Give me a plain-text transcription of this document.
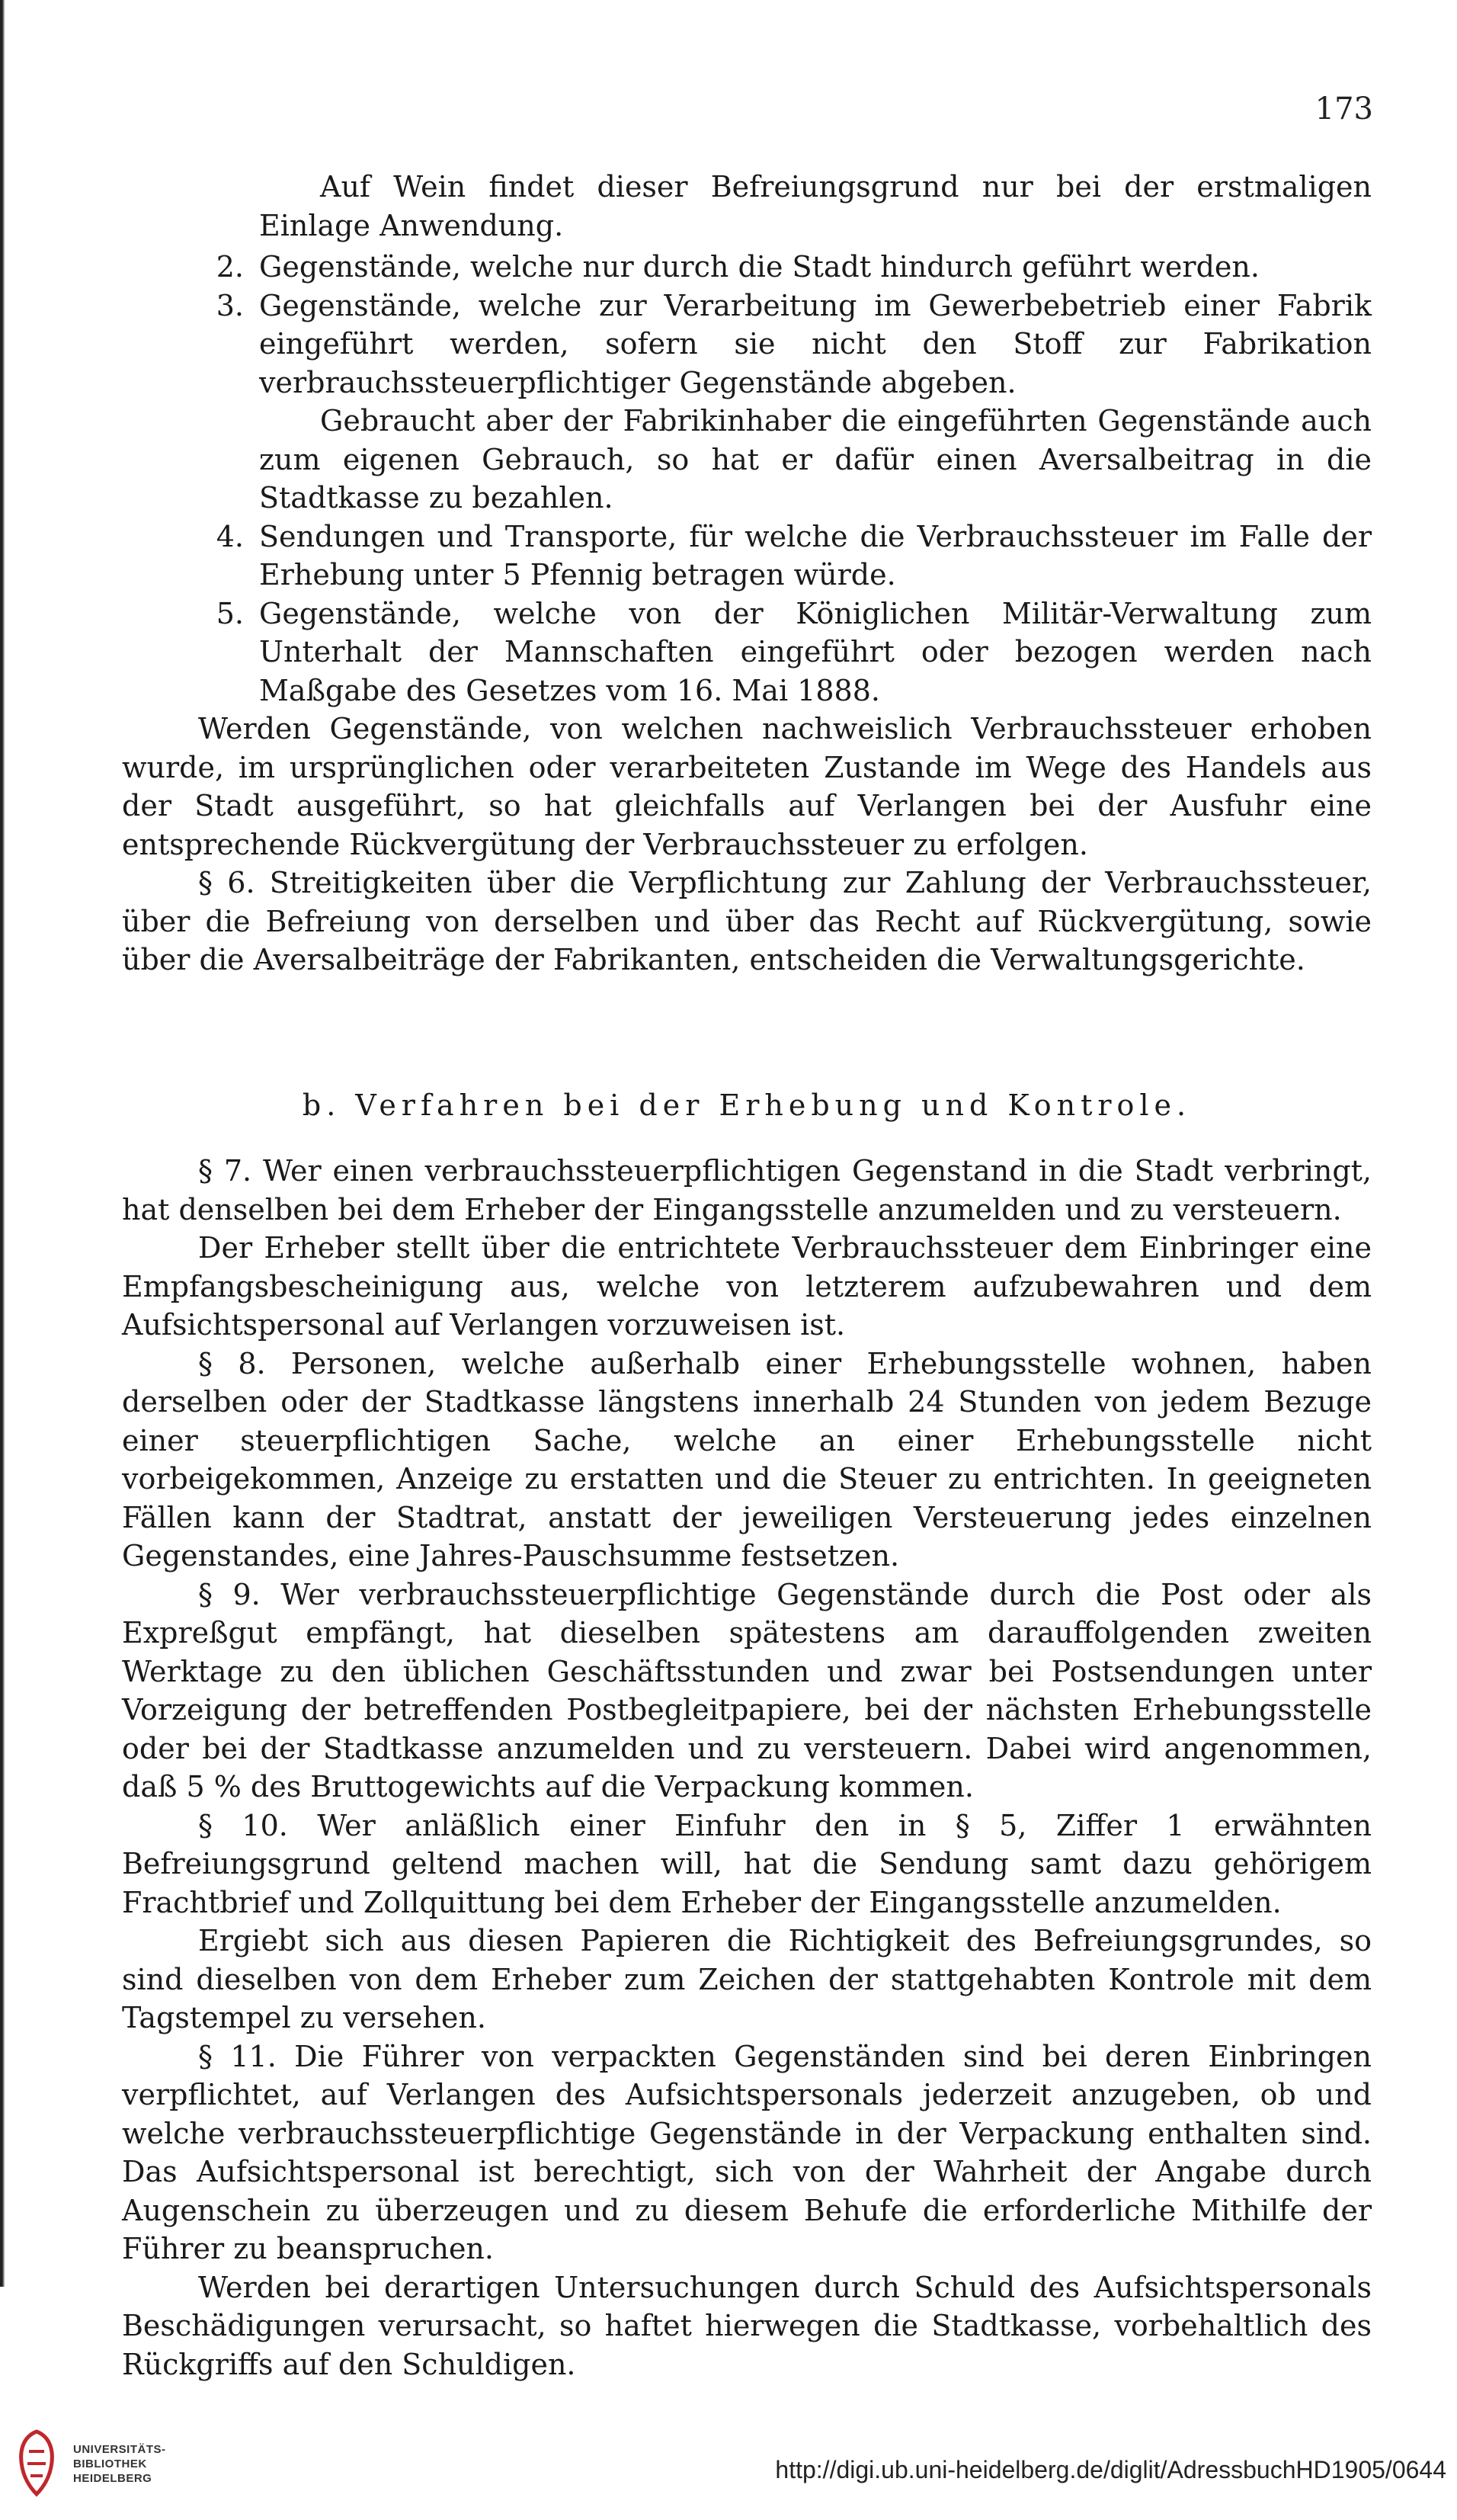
173

Auf Wein findet dieser Befreiungsgrund nur bei der erstmaligen Einlage Anwendung.

2. Gegenstände, welche nur durch die Stadt hindurch geführt werden.
3. Gegenstände, welche zur Verarbeitung im Gewerbebetrieb einer Fabrik eingeführt werden, sofern sie nicht den Stoff zur Fabrikation verbrauchssteuerpflichtiger Gegenstände abgeben.

Gebraucht aber der Fabrikinhaber die eingeführten Gegenstände auch zum eigenen Gebrauch, so hat er dafür einen Aversalbeitrag in die Stadtkasse zu bezahlen.

4. Sendungen und Transporte, für welche die Verbrauchssteuer im Falle der Erhebung unter 5 Pfennig betragen würde.
5. Gegenstände, welche von der Königlichen Militär-Verwaltung zum Unterhalt der Mannschaften eingeführt oder bezogen werden nach Maßgabe des Gesetzes vom 16. Mai 1888.

Werden Gegenstände, von welchen nachweislich Verbrauchssteuer erhoben wurde, im ursprünglichen oder verarbeiteten Zustande im Wege des Handels aus der Stadt ausgeführt, so hat gleichfalls auf Verlangen bei der Ausfuhr eine entsprechende Rückvergütung der Verbrauchssteuer zu erfolgen.

§ 6. Streitigkeiten über die Verpflichtung zur Zahlung der Verbrauchssteuer, über die Befreiung von derselben und über das Recht auf Rückvergütung, sowie über die Aversalbeiträge der Fabrikanten, entscheiden die Verwaltungsgerichte.

b. Verfahren bei der Erhebung und Kontrole.

§ 7. Wer einen verbrauchssteuerpflichtigen Gegenstand in die Stadt verbringt, hat denselben bei dem Erheber der Eingangsstelle anzumelden und zu versteuern.

Der Erheber stellt über die entrichtete Verbrauchssteuer dem Einbringer eine Empfangsbescheinigung aus, welche von letzterem aufzubewahren und dem Aufsichtspersonal auf Verlangen vorzuweisen ist.

§ 8. Personen, welche außerhalb einer Erhebungsstelle wohnen, haben derselben oder der Stadtkasse längstens innerhalb 24 Stunden von jedem Bezuge einer steuerpflichtigen Sache, welche an einer Erhebungsstelle nicht vorbeigekommen, Anzeige zu erstatten und die Steuer zu entrichten. In geeigneten Fällen kann der Stadtrat, anstatt der jeweiligen Versteuerung jedes einzelnen Gegenstandes, eine Jahres-Pauschsumme festsetzen.

§ 9. Wer verbrauchssteuerpflichtige Gegenstände durch die Post oder als Expreßgut empfängt, hat dieselben spätestens am darauffolgenden zweiten Werktage zu den üblichen Geschäftsstunden und zwar bei Postsendungen unter Vorzeigung der betreffenden Postbegleitpapiere, bei der nächsten Erhebungsstelle oder bei der Stadtkasse anzumelden und zu versteuern. Dabei wird angenommen, daß 5 % des Bruttogewichts auf die Verpackung kommen.

§ 10. Wer anläßlich einer Einfuhr den in § 5, Ziffer 1 erwähnten Befreiungsgrund geltend machen will, hat die Sendung samt dazu gehörigem Frachtbrief und Zollquittung bei dem Erheber der Eingangsstelle anzumelden.

Ergiebt sich aus diesen Papieren die Richtigkeit des Befreiungsgrundes, so sind dieselben von dem Erheber zum Zeichen der stattgehabten Kontrole mit dem Tagstempel zu versehen.

§ 11. Die Führer von verpackten Gegenständen sind bei deren Einbringen verpflichtet, auf Verlangen des Aufsichtspersonals jederzeit anzugeben, ob und welche verbrauchssteuerpflichtige Gegenstände in der Verpackung enthalten sind. Das Aufsichtspersonal ist berechtigt, sich von der Wahrheit der Angabe durch Augenschein zu überzeugen und zu diesem Behufe die erforderliche Mithilfe der Führer zu beanspruchen.

Werden bei derartigen Untersuchungen durch Schuld des Aufsichtspersonals Beschädigungen verursacht, so haftet hierwegen die Stadtkasse, vorbehaltlich des Rückgriffs auf den Schuldigen.

UNIVERSITÄTS-
BIBLIOTHEK
HEIDELBERG	http://digi.ub.uni-heidelberg.de/diglit/AdressbuchHD1905/0644
